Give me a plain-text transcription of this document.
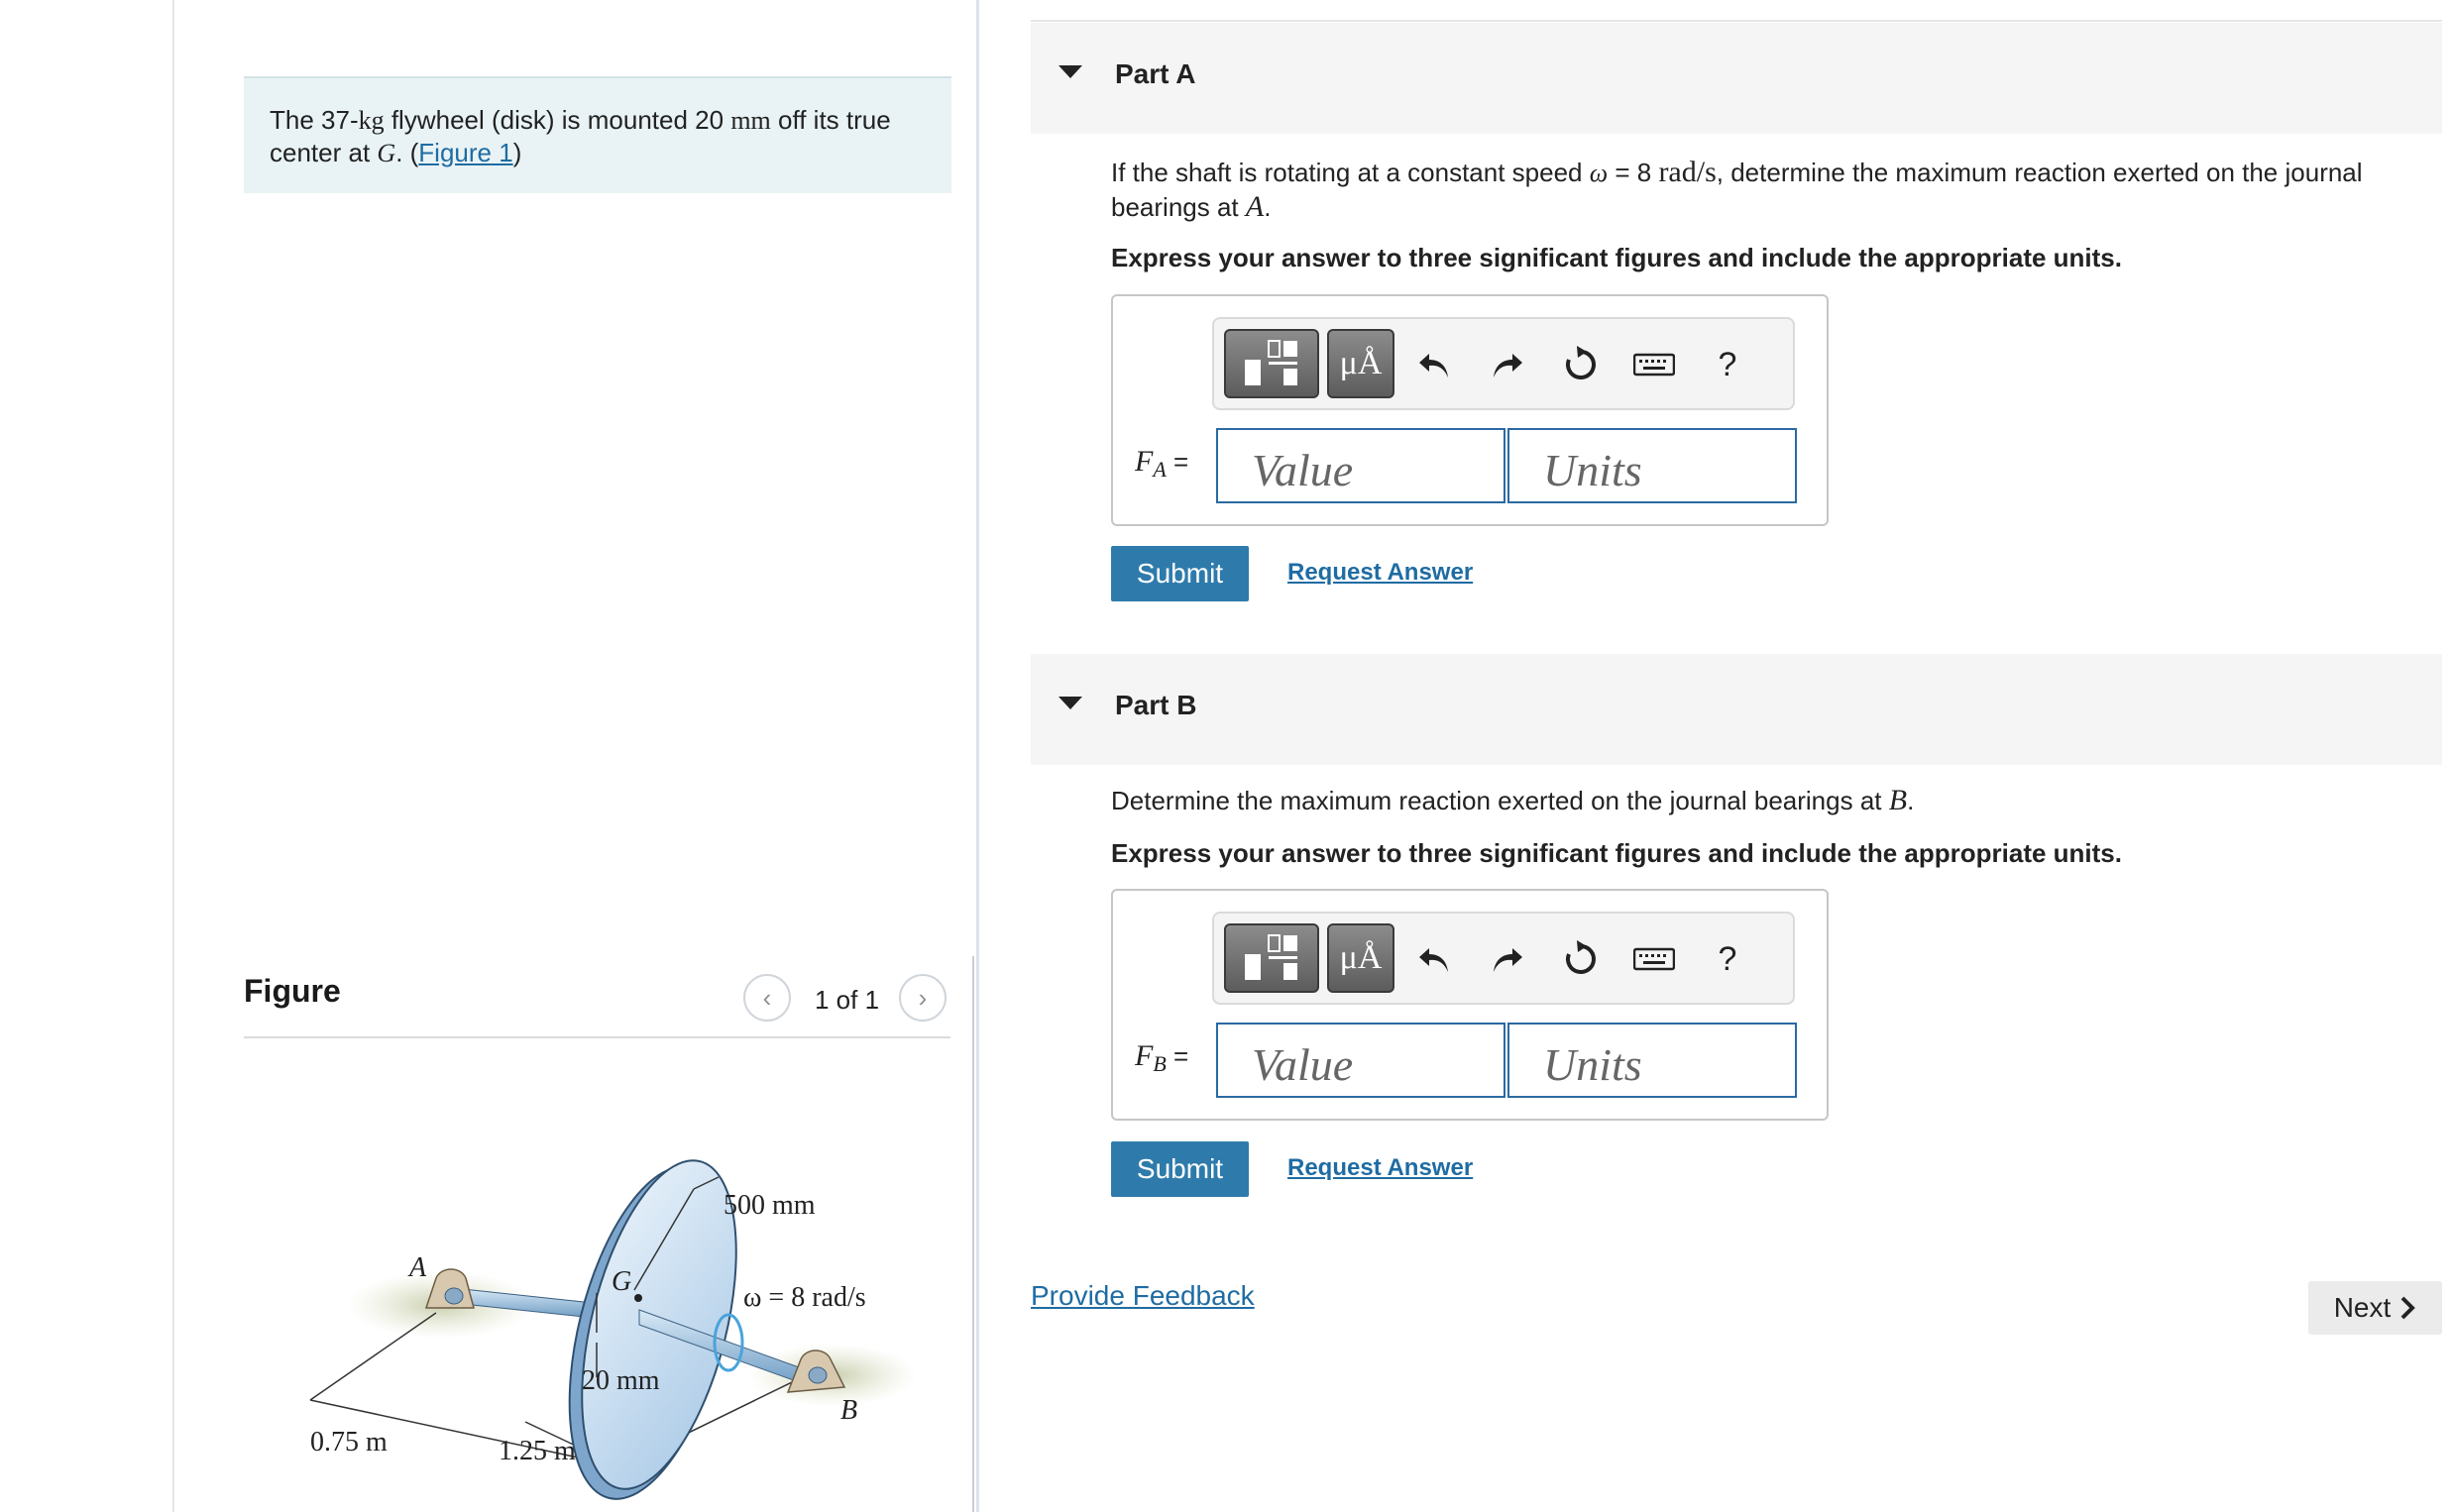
The 37-kg flywheel (disk) is mounted 20 mm off its true center at G. (Figure 1)
Figure	‹ 1 of 1 ›
500 mm
ω = 8 rad/s
20 mm
0.75 m	1.25 m
A
B
G
Part A
If the shaft is rotating at a constant speed ω = 8 rad/s, determine the maximum reaction exerted on the journal bearings at A.
Express your answer to three significant figures and include the appropriate units.
μÅ	?
$F_A$ =
Value
Units
Submit	Request Answer
Part B
Determine the maximum reaction exerted on the journal bearings at B.
Express your answer to three significant figures and include the appropriate units.
μÅ	?
$F_B$ =
Value
Units
Submit	Request Answer
Provide Feedback	Next
